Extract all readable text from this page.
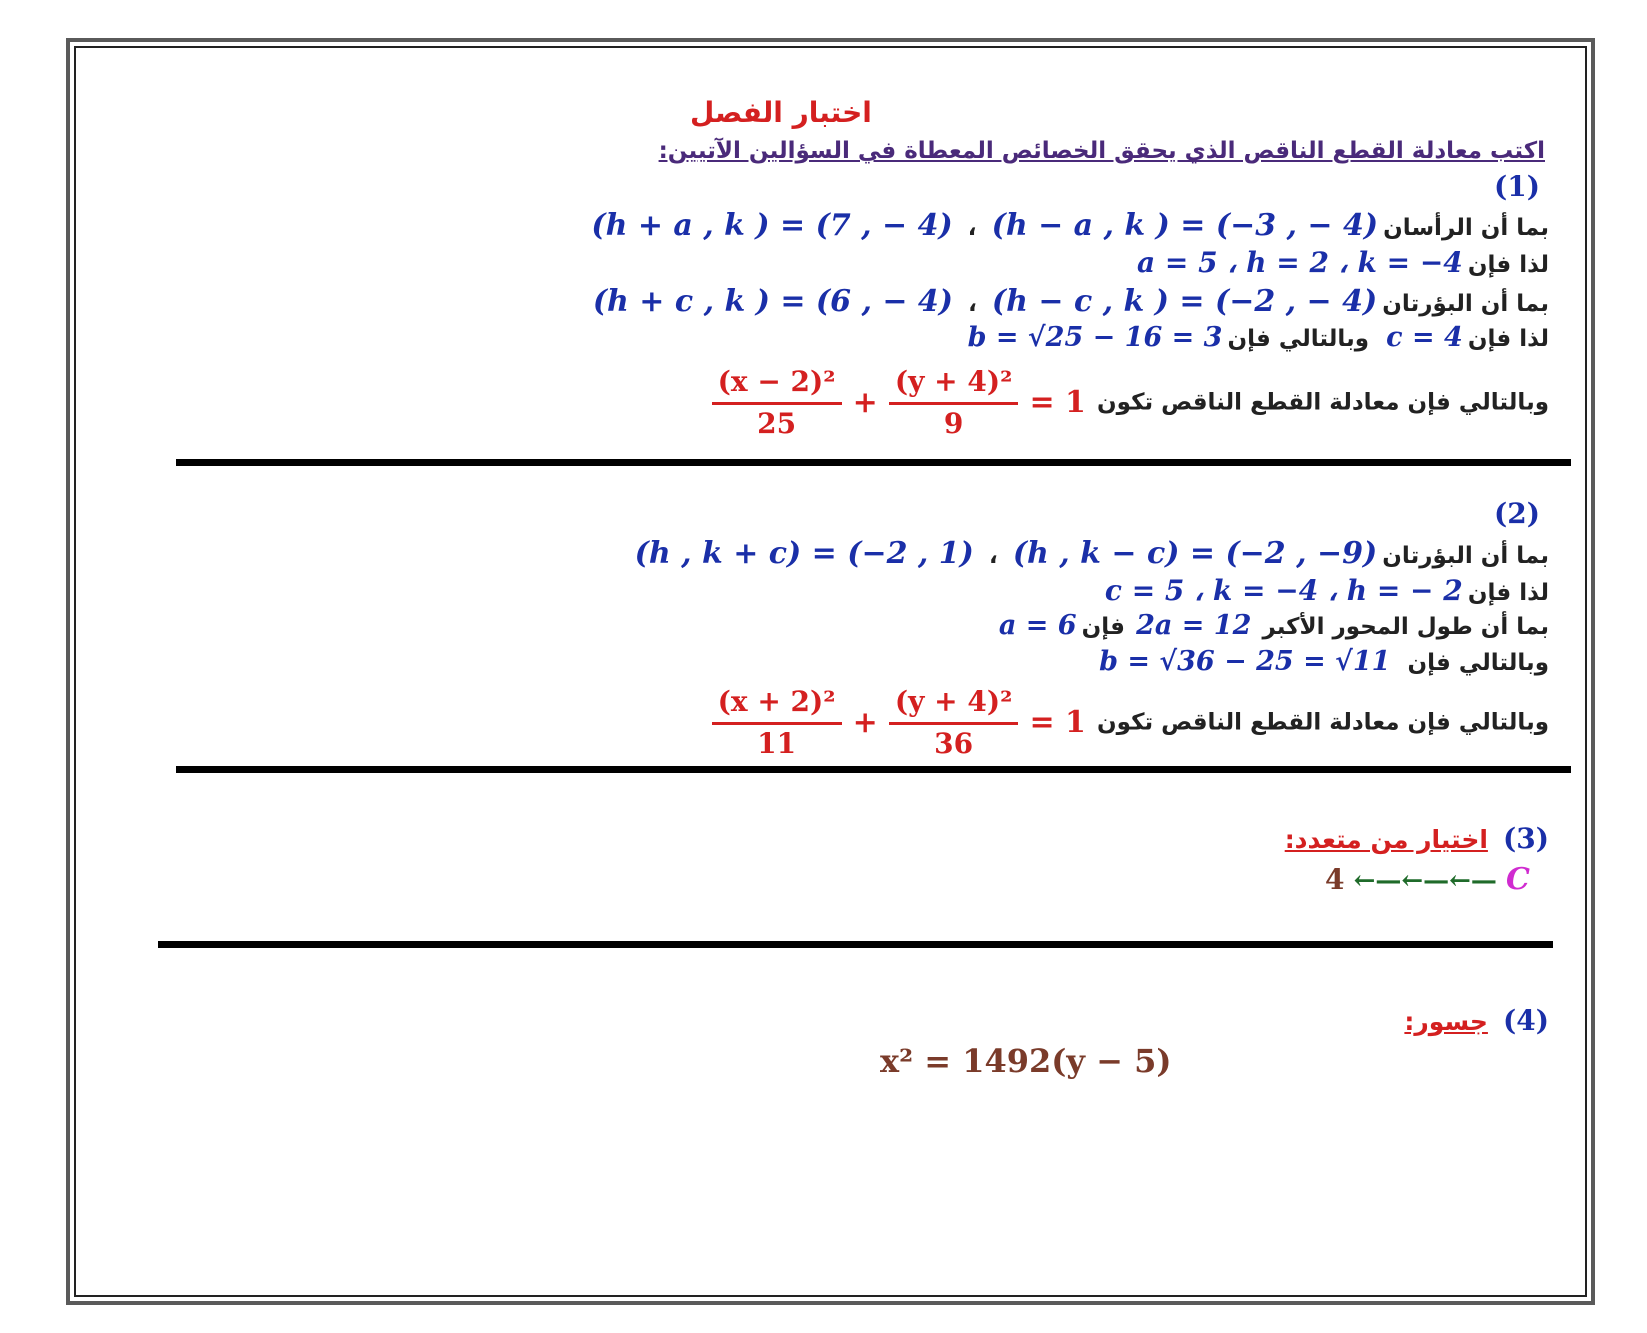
اختبار الفصل
اكتب معادلة القطع الناقص الذي يحقق الخصائص المعطاة في السؤالين الآتيين:
(1)
بما أن الرأسان (h + a , k ) = (7 , − 4) ، (h − a , k ) = (−3 , − 4)
لذا فإن a = 5 ، h = 2 ، k = −4
بما أن البؤرتان (h + c , k ) = (6 , − 4) ، (h − c , k ) = (−2 , − 4)
لذا فإن c = 4 وبالتالي فإن b = √25 − 16 = 3
وبالتالي فإن معادلة القطع الناقص تكون
$\frac{\text{(x − 2)²}}{25} + \frac{\text{(y + 4)²}}{9} = 1$
(2)
بما أن البؤرتان (h , k + c) = (−2 , 1) ، (h , k − c) = (−2 , −9)
لذا فإن c = 5 ، k = −4 ، h = − 2
بما أن طول المحور الأكبر 2a = 12 فإن a = 6
وبالتالي فإن b = √36 − 25 = √11
وبالتالي فإن معادلة القطع الناقص تكون
$\frac{\text{(x + 2)²}}{11} + \frac{\text{(y + 4)²}}{36} = 1$
(3) اختيار من متعدد:
4 ←—←—←— C
(4) جسور:
x² = 1492(y − 5)
